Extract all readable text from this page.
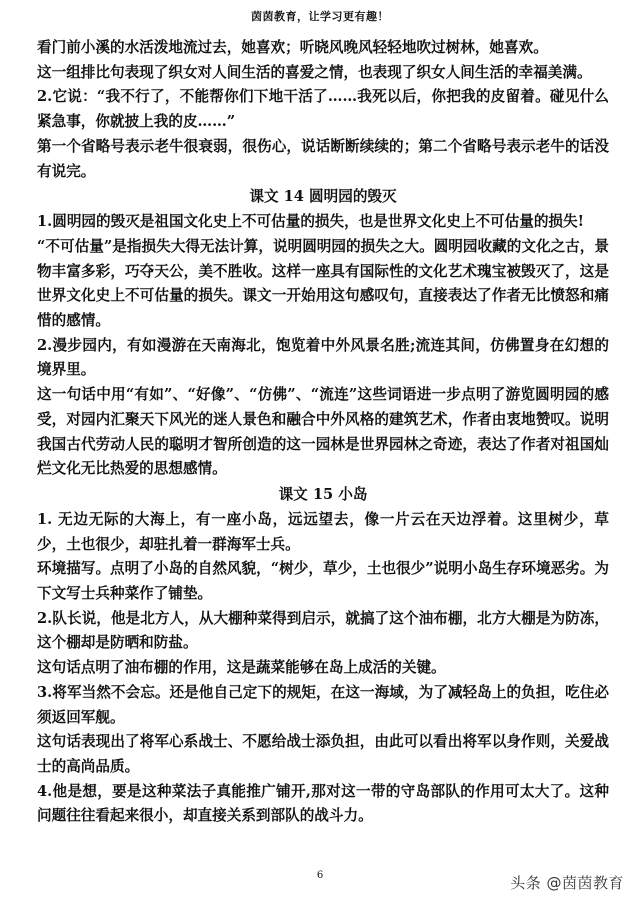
茵茵教育，让学习更有趣！

看门前小溪的水活泼地流过去，她喜欢；听晓风晚风轻轻地吹过树林，她喜欢。

这一组排比句表现了织女对人间生活的喜爱之情，也表现了织女人间生活的幸福美满。

2.它说：“我不行了，不能帮你们下地干活了……我死以后，你把我的皮留着。碰见什么紧急事，你就披上我的皮……”

第一个省略号表示老牛很衰弱，很伤心，说话断断续续的；第二个省略号表示老牛的话没有说完。

课文 14 圆明园的毁灭

1.圆明园的毁灭是祖国文化史上不可估量的损失，也是世界文化史上不可估量的损失!

“不可估量”是指损失大得无法计算，说明圆明园的损失之大。圆明园收藏的文化之古，景物丰富多彩，巧夺天公，美不胜收。这样一座具有国际性的文化艺术瑰宝被毁灭了，这是世界文化史上不可估量的损失。课文一开始用这句感叹句，直接表达了作者无比愤怒和痛惜的感情。

2.漫步园内，有如漫游在天南海北，饱览着中外风景名胜;流连其间，仿佛置身在幻想的境界里。

这一句话中用“有如”、“好像”、“仿佛”、“流连”这些词语进一步点明了游览圆明园的感受，对园内汇聚天下风光的迷人景色和融合中外风格的建筑艺术，作者由衷地赞叹。说明我国古代劳动人民的聪明才智所创造的这一园林是世界园林之奇迹，表达了作者对祖国灿烂文化无比热爱的思想感情。

课文 15 小岛

1. 无边无际的大海上，有一座小岛，远远望去，像一片云在天边浮着。这里树少，草少，土也很少，却驻扎着一群海军士兵。

环境描写。点明了小岛的自然风貌，“树少，草少，土也很少”说明小岛生存环境恶劣。为下文写士兵种菜作了铺垫。

2.队长说，他是北方人，从大棚种菜得到启示，就搞了这个油布棚，北方大棚是为防冻，这个棚却是防晒和防盐。

这句话点明了油布棚的作用，这是蔬菜能够在岛上成活的关键。

3.将军当然不会忘。还是他自己定下的规矩，在这一海域，为了减轻岛上的负担，吃住必须返回军舰。

这句话表现出了将军心系战士、不愿给战士添负担，由此可以看出将军以身作则，关爱战士的高尚品质。

4.他是想，要是这种菜法子真能推广铺开,那对这一带的守岛部队的作用可太大了。这种问题往往看起来很小，却直接关系到部队的战斗力。

6	头条 @茵茵教育
